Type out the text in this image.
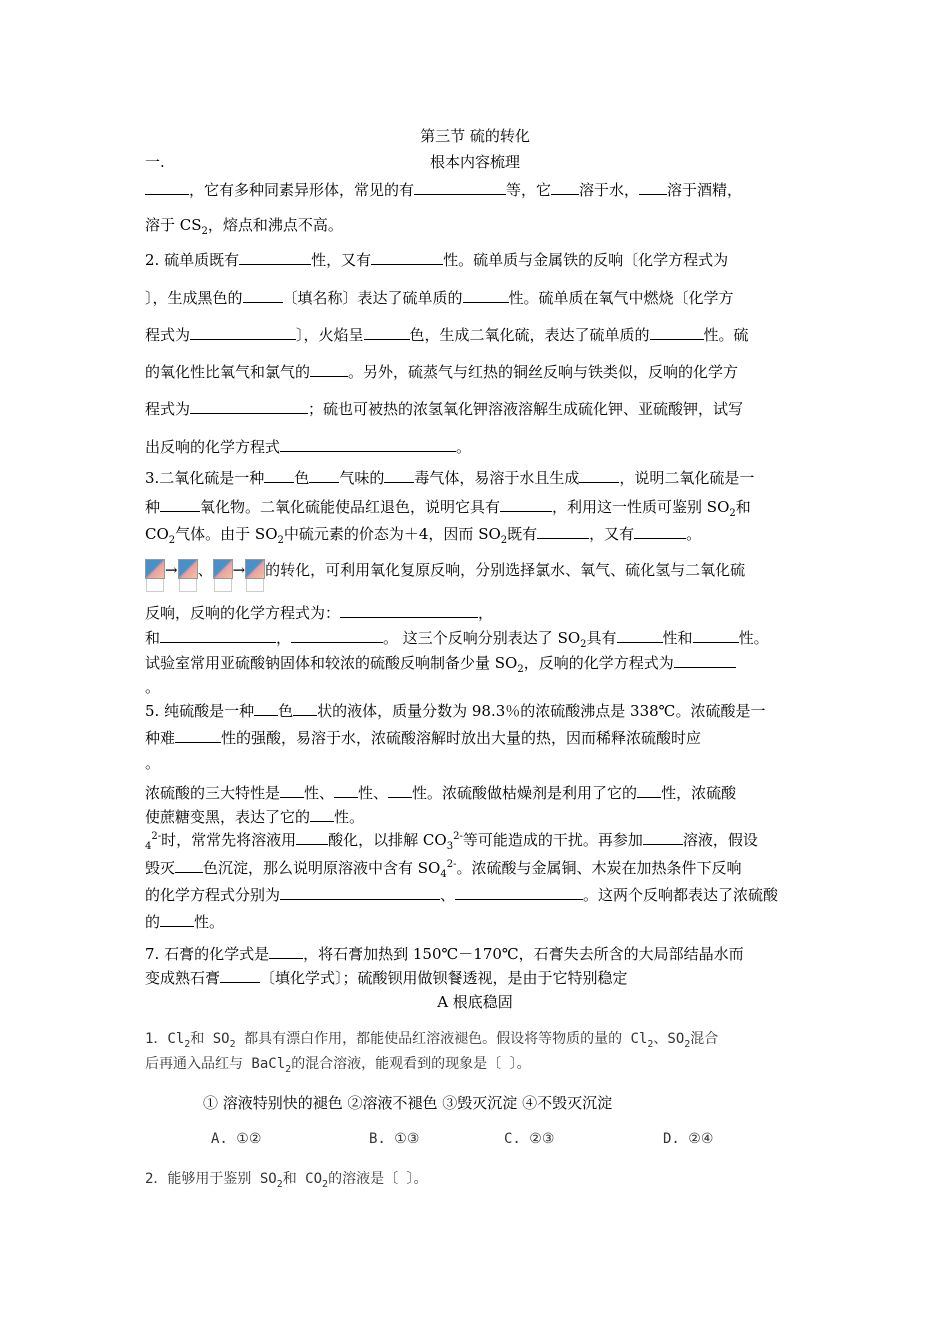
第三节 硫的转化
一.	根本内容梳理
，它有多种同素异形体，常见的有	等，它 溶于水， 溶于酒精，
溶于 $CS_2$，熔点和沸点不高。
2. 硫单质既有	性，又有	性。硫单质与金属铁的反响〔化学方程式为
〕，生成黑色的	〔填名称〕表达了硫单质的	性。硫单质在氧气中燃烧〔化学方
程式为	〕，火焰呈	色，生成二氧化硫，表达了硫单质的	性。硫
的氧化性比氧气和氯气的	。另外，硫蒸气与红热的铜丝反响与铁类似，反响的化学方
程式为	；硫也可被热的浓氢氧化钾溶液溶解生成硫化钾、亚硫酸钾，试写
出反响的化学方程式	。
3.二氧化硫是一种 色 气味的 毒气体，易溶于水且生成	，说明二氧化硫是一
种	氧化物。二氧化硫能使品红退色，说明它具有	，利用这一性质可鉴别 $SO_2$和
$CO_2$气体。由于 $SO_2$中硫元素的价态为＋4，因而 $SO_2$既有	，又有	。
→ 、 → 的转化，可利用氧化复原反响，分别选择氯水、氧气、硫化氢与二氧化硫
反响，反响的化学方程式为：	，
和	，	。 这三个反响分别表达了 $SO_2$具有	性和	性。
试验室常用亚硫酸钠固体和较浓的硫酸反响制备少量 $SO_2$，反响的化学方程式为
。
5. 纯硫酸是一种 色 状的液体，质量分数为 98.3％的浓硫酸沸点是 338℃。浓硫酸是一
种难	性的强酸，易溶于水，浓硫酸溶解时放出大量的热，因而稀释浓硫酸时应
。
浓硫酸的三大特性是 性、 性、 性。浓硫酸做枯燥剂是利用了它的 性，浓硫酸
使蔗糖变黑，表达了它的 性。
$_4^{2-}$时，常常先将溶液用 酸化，以排解 $CO_3^{2-}$等可能造成的干扰。再参加	溶液，假设
毁灭 色沉淀，那么说明原溶液中含有 $SO_4^{2-}$。浓硫酸与金属铜、木炭在加热条件下反响
的化学方程式分别为	、	。这两个反响都表达了浓硫酸
的 性。
7. 石膏的化学式是 ，将石膏加热到 150℃－170℃，石膏失去所含的大局部结晶水而
变成熟石膏	〔填化学式〕；硫酸钡用做钡餐透视，是由于它特别稳定
A 根底稳固
1．$Cl_2$和 $SO_2$ 都具有漂白作用，都能使品红溶液褪色。假设将等物质的量的 $Cl_2$、$SO_2$混合
后再通入品红与 BaCl$_2$的混合溶液，能观看到的现象是〔 〕。
① 溶液特别快的褪色 ②溶液不褪色 ③毁灭沉淀 ④不毁灭沉淀
A. ①②	B. ①③	C. ②③	D. ②④
2．能够用于鉴别 $SO_2$和 $CO_2$的溶液是〔 〕。
